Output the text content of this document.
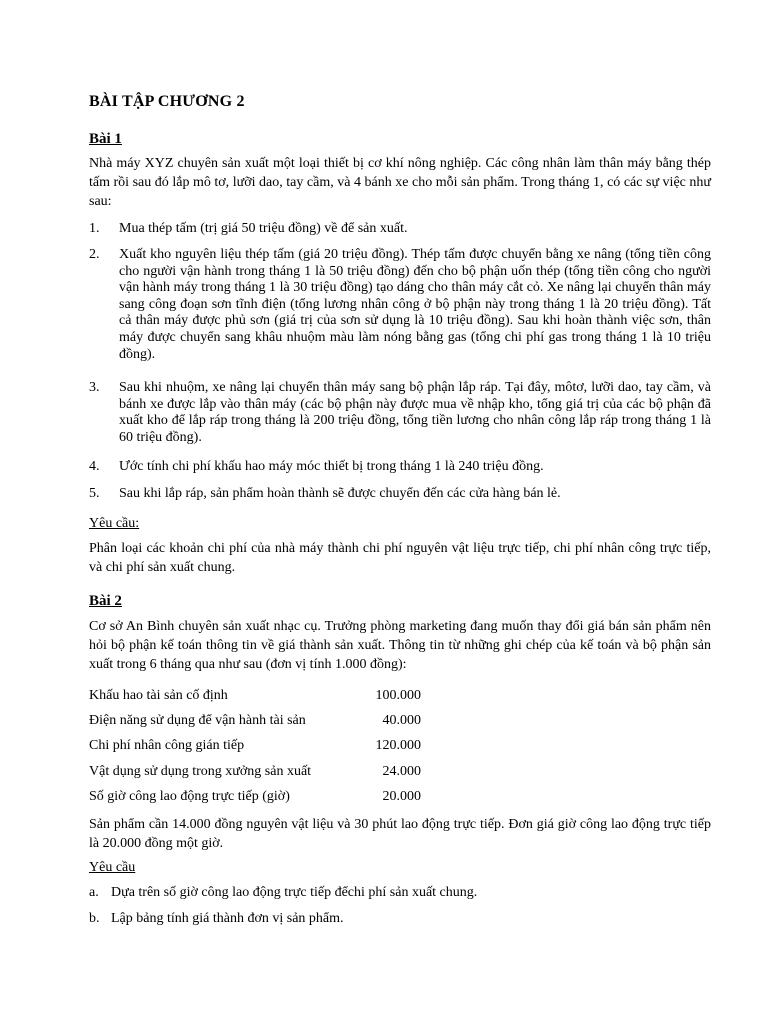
BÀI TẬP CHƯƠNG 2
Bài 1
Nhà máy XYZ chuyên sản xuất một loại thiết bị cơ khí nông nghiệp. Các công nhân làm thân máy bằng thép tấm rồi sau đó lắp mô tơ, lưỡi dao, tay cầm, và 4 bánh xe cho mỗi sản phẩm. Trong tháng 1, có các sự việc như sau:
1. Mua thép tấm (trị giá 50 triệu đồng) về để sản xuất.
2. Xuất kho nguyên liệu thép tấm (giá 20 triệu đồng). Thép tấm được chuyển bằng xe nâng (tổng tiền công cho người vận hành trong tháng 1 là 50 triệu đồng) đến cho bộ phận uốn thép (tổng tiền công cho người vận hành máy trong tháng 1 là 30 triệu đồng) tạo dáng cho thân máy cắt cỏ. Xe nâng lại chuyển thân máy sang công đoạn sơn tĩnh điện (tổng lương nhân công ở bộ phận này trong tháng 1 là 20 triệu đồng). Tất cả thân máy được phủ sơn (giá trị của sơn sử dụng là 10 triệu đồng). Sau khi hoàn thành việc sơn, thân máy được chuyển sang khâu nhuộm màu làm nóng bằng gas (tổng chi phí gas trong tháng 1 là 10 triệu đồng).
3. Sau khi nhuộm, xe nâng lại chuyển thân máy sang bộ phận lắp ráp. Tại đây, môtơ, lưỡi dao, tay cầm, và bánh xe được lắp vào thân máy (các bộ phận này được mua về nhập kho, tổng giá trị của các bộ phận đã xuất kho để lắp ráp trong tháng là 200 triệu đồng, tổng tiền lương cho nhân công lắp ráp trong tháng 1 là 60 triệu đồng).
4. Ước tính chi phí khấu hao máy móc thiết bị trong tháng 1 là 240 triệu đồng.
5. Sau khi lắp ráp, sản phẩm hoàn thành sẽ được chuyển đến các cửa hàng bán lẻ.
Yêu cầu:
Phân loại các khoản chi phí của nhà máy thành chi phí nguyên vật liệu trực tiếp, chi phí nhân công trực tiếp, và chi phí sản xuất chung.
Bài 2
Cơ sở An Bình chuyên sản xuất nhạc cụ. Trưởng phòng marketing đang muốn thay đổi giá bán sản phẩm nên hỏi bộ phận kế toán thông tin về giá thành sản xuất. Thông tin từ những ghi chép của kế toán và bộ phận sản xuất trong 6 tháng qua như sau (đơn vị tính 1.000 đồng):
Khấu hao tài sản cố định	100.000
Điện năng sử dụng để vận hành tài sản	40.000
Chi phí nhân công gián tiếp	120.000
Vật dụng sử dụng trong xưởng sản xuất	24.000
Số giờ công lao động trực tiếp (giờ)	20.000
Sản phẩm cần 14.000 đồng nguyên vật liệu và 30 phút lao động trực tiếp. Đơn giá giờ công lao động trực tiếp là 20.000 đồng một giờ.
Yêu cầu
a. Dựa trên số giờ công lao động trực tiếp đểchi phí sản xuất chung.
b. Lập bảng tính giá thành đơn vị sản phẩm.
